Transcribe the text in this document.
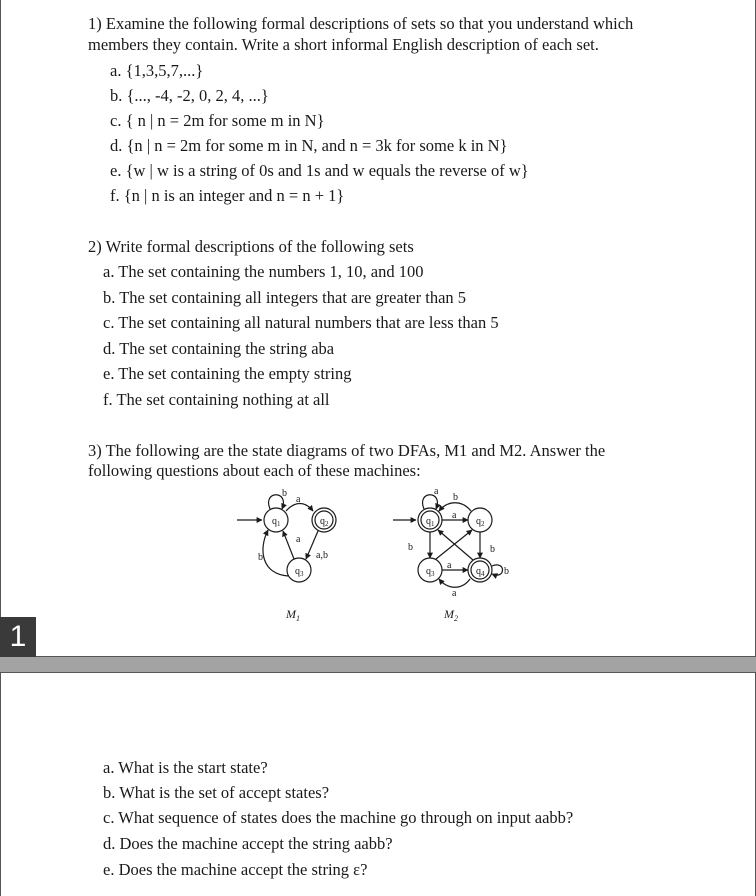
1
1) Examine the following formal descriptions of sets so that you understand which
members they contain. Write a short informal English description of each set.
a. {1,3,5,7,...}
b. {..., -4, -2, 0, 2, 4, ...}
c. { n | n = 2m for some m in N}
d. {n | n = 2m for some m in N, and n = 3k for some k in N}
e. {w | w is a string of 0s and 1s and w equals the reverse of w}
f. {n | n is an integer and n = n + 1}
2) Write formal descriptions of the following sets
a. The set containing the numbers 1, 10, and 100
b. The set containing all integers that are greater than 5
c. The set containing all natural numbers that are less than 5
d. The set containing the string aba
e. The set containing the empty string
f. The set containing nothing at all
3) The following are the state diagrams of two DFAs, M1 and M2. Answer the
following questions about each of these machines:
$q_1$	$q_2$
$q_3$
b
a
a,b
a
b
$M_1$
$q_1$	$q_2$
$q_3$	$q_4$
a
b
a
b	b
a
a
b
$M_2$
a. What is the start state?
b. What is the set of accept states?
c. What sequence of states does the machine go through on input aabb?
d. Does the machine accept the string aabb?
e. Does the machine accept the string ε?
